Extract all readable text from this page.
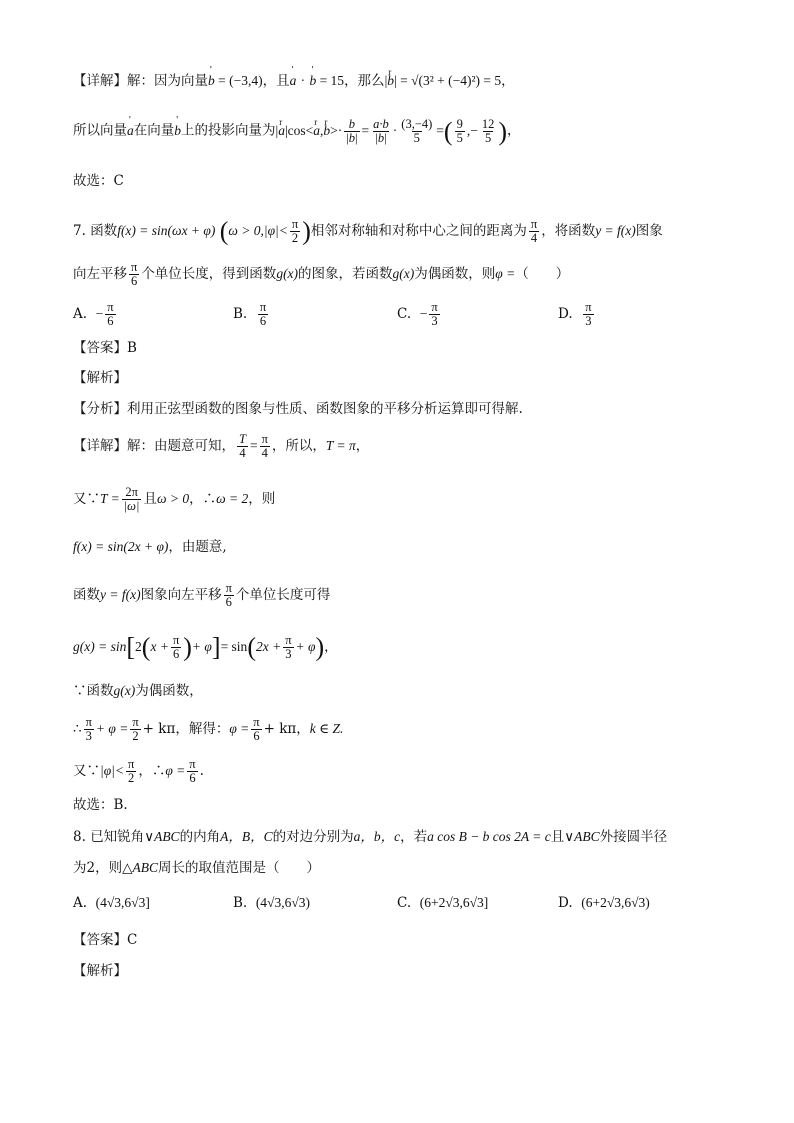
【详解】解：因为向量' b = (−3,4)，且' a · ' b = 15，那么|r b| = √(3² + (−4)²) = 5，
所以向量' a在向量' b上的投影向量为|r a|cos<r a,r $b>\cdot \frac{b}{|b|} = \frac{a\cdot b}{|b|} \cdot \frac{(3,-4)}{5}$ =( $\frac{9}{5}$ ,− $\frac{12}{5}$ )，
故选：C
7. 函数f(x) = sin(ωx + φ) ($\omega > 0,|\varphi|< \frac{\pi}{2}$ )相邻对称轴和对称中心之间的距离为 $\frac{\pi}{4}$ ，将函数y = f(x)图象
向左平移 $\frac{\pi}{6}$ 个单位长度，得到函数g(x)的图象，若函数g(x)为偶函数，则φ =（　　）
A. − $\frac{\pi}{6}$	B. $\frac{\pi}{6}$	C. − $\frac{\pi}{3}$	D. $\frac{\pi}{3}$
【答案】B
【解析】
【分析】利用正弦型函数的图象与性质、函数图象的平移分析运算即可得解.
【详解】解：由题意可知， $\frac{T}{4} = \frac{\pi}{4}$ ，所以，T = π，
又∵T = $\frac{2\pi}{|\omega|}$ 且ω > 0，∴ω = 2，则
f(x) = sin(2x + φ)，由题意,
函数y = f(x)图象向左平移 $\frac{\pi}{6}$ 个单位长度可得
$g(x) = \sin[2(x + \frac{\pi}{6}$ )+ $\varphi]= \sin(2x + \frac{\pi}{3} + \varphi)$，
∵函数g(x)为偶函数，
∴ $\frac{\pi}{3} + \varphi = \frac{\pi}{2} + k\pi$，解得：$\varphi = \frac{\pi}{6} + k\pi$，k ∈ Z.
又∵|φ|< $\frac{\pi}{2}$ ，∴φ = $\frac{\pi}{6}$ .
故选：B.
8. 已知锐角∨ABC的内角A，B，C的对边分别为a，b，c，若a cos B − b cos 2A = c且∨ABC外接圆半径
为2，则△ABC周长的取值范围是（　　）
A. (4√3,6√3]	B. (4√3,6√3)	C. (6+2√3,6√3]	D. (6+2√3,6√3)
【答案】C
【解析】
